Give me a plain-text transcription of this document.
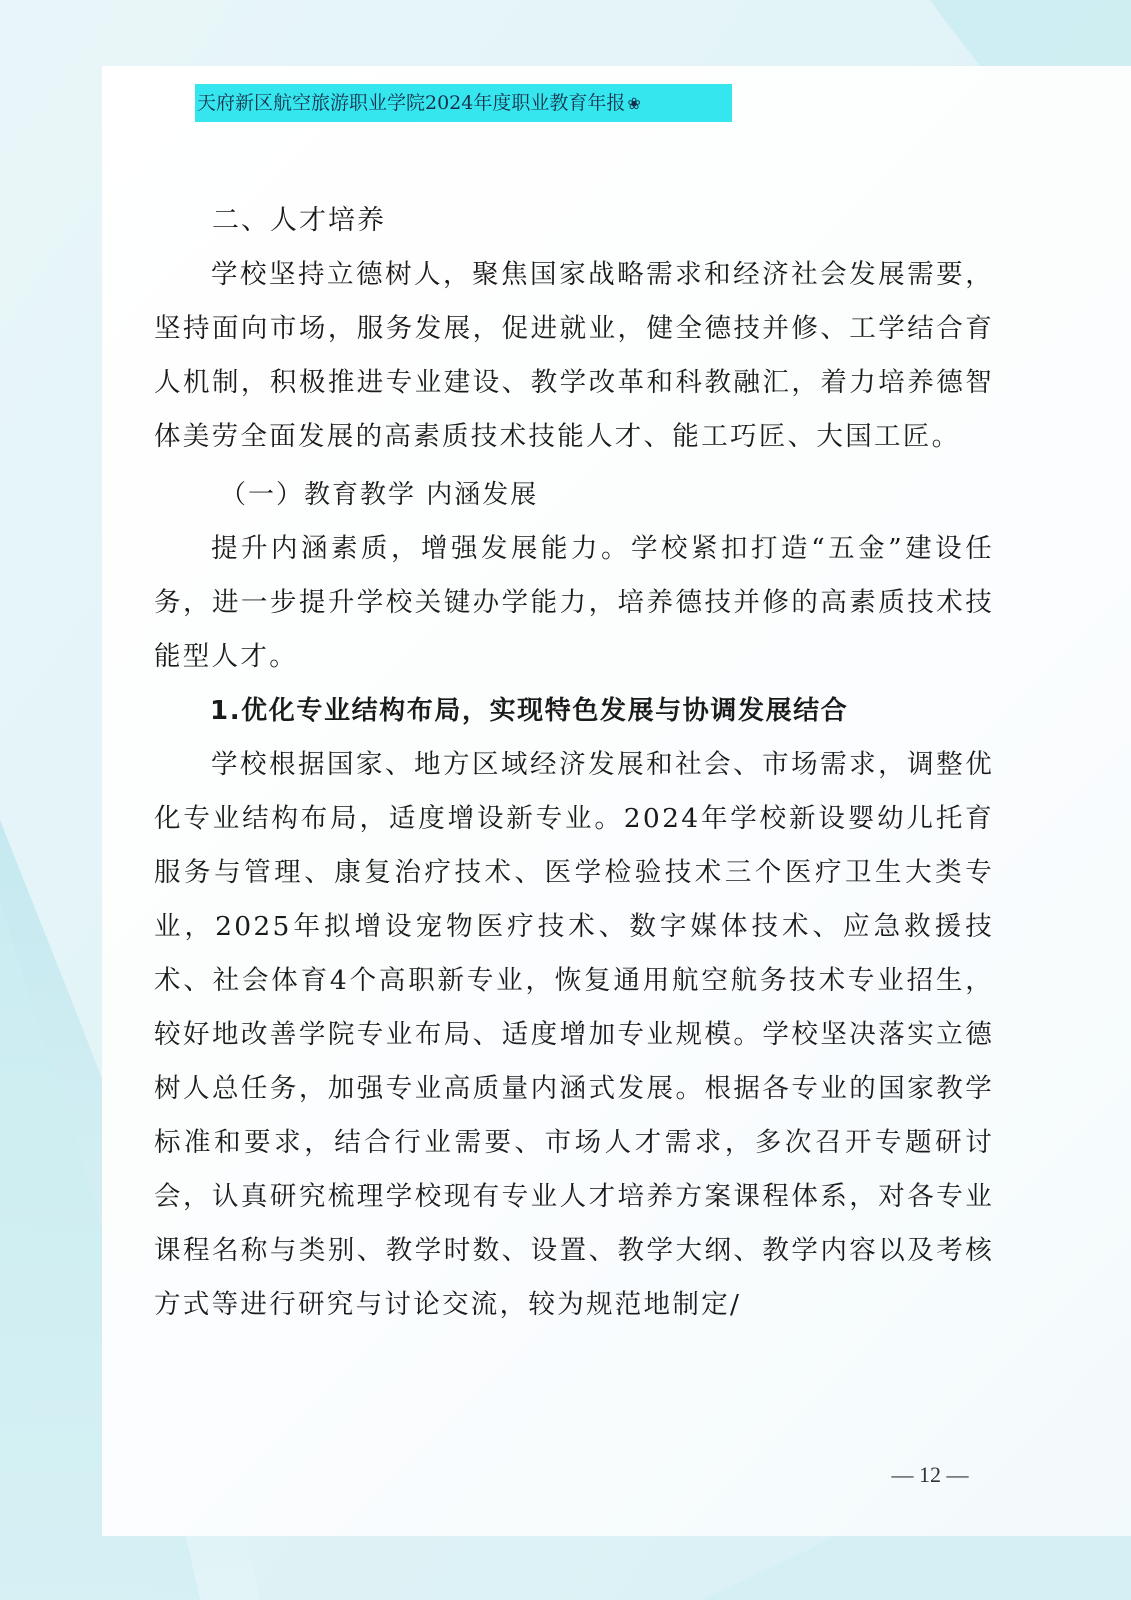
天府新区航空旅游职业学院2024年度职业教育年报 ❀
二、人才培养

学校坚持立德树人，聚焦国家战略需求和经济社会发展需要，坚持面向市场，服务发展，促进就业，健全德技并修、工学结合育人机制，积极推进专业建设、教学改革和科教融汇，着力培养德智体美劳全面发展的高素质技术技能人才、能工巧匠、大国工匠。

（一）教育教学 内涵发展

提升内涵素质，增强发展能力。学校紧扣打造“五金”建设任务，进一步提升学校关键办学能力，培养德技并修的高素质技术技能型人才。

1.优化专业结构布局，实现特色发展与协调发展结合

学校根据国家、地方区域经济发展和社会、市场需求，调整优化专业结构布局，适度增设新专业。2024年学校新设婴幼儿托育服务与管理、康复治疗技术、医学检验技术三个医疗卫生大类专业，2025年拟增设宠物医疗技术、数字媒体技术、应急救援技术、社会体育4个高职新专业，恢复通用航空航务技术专业招生，较好地改善学院专业布局、适度增加专业规模。学校坚决落实立德树人总任务，加强专业高质量内涵式发展。根据各专业的国家教学标准和要求，结合行业需要、市场人才需求，多次召开专题研讨会，认真研究梳理学校现有专业人才培养方案课程体系，对各专业课程名称与类别、教学时数、设置、教学大纲、教学内容以及考核方式等进行研究与讨论交流，较为规范地制定/

— 12 —
